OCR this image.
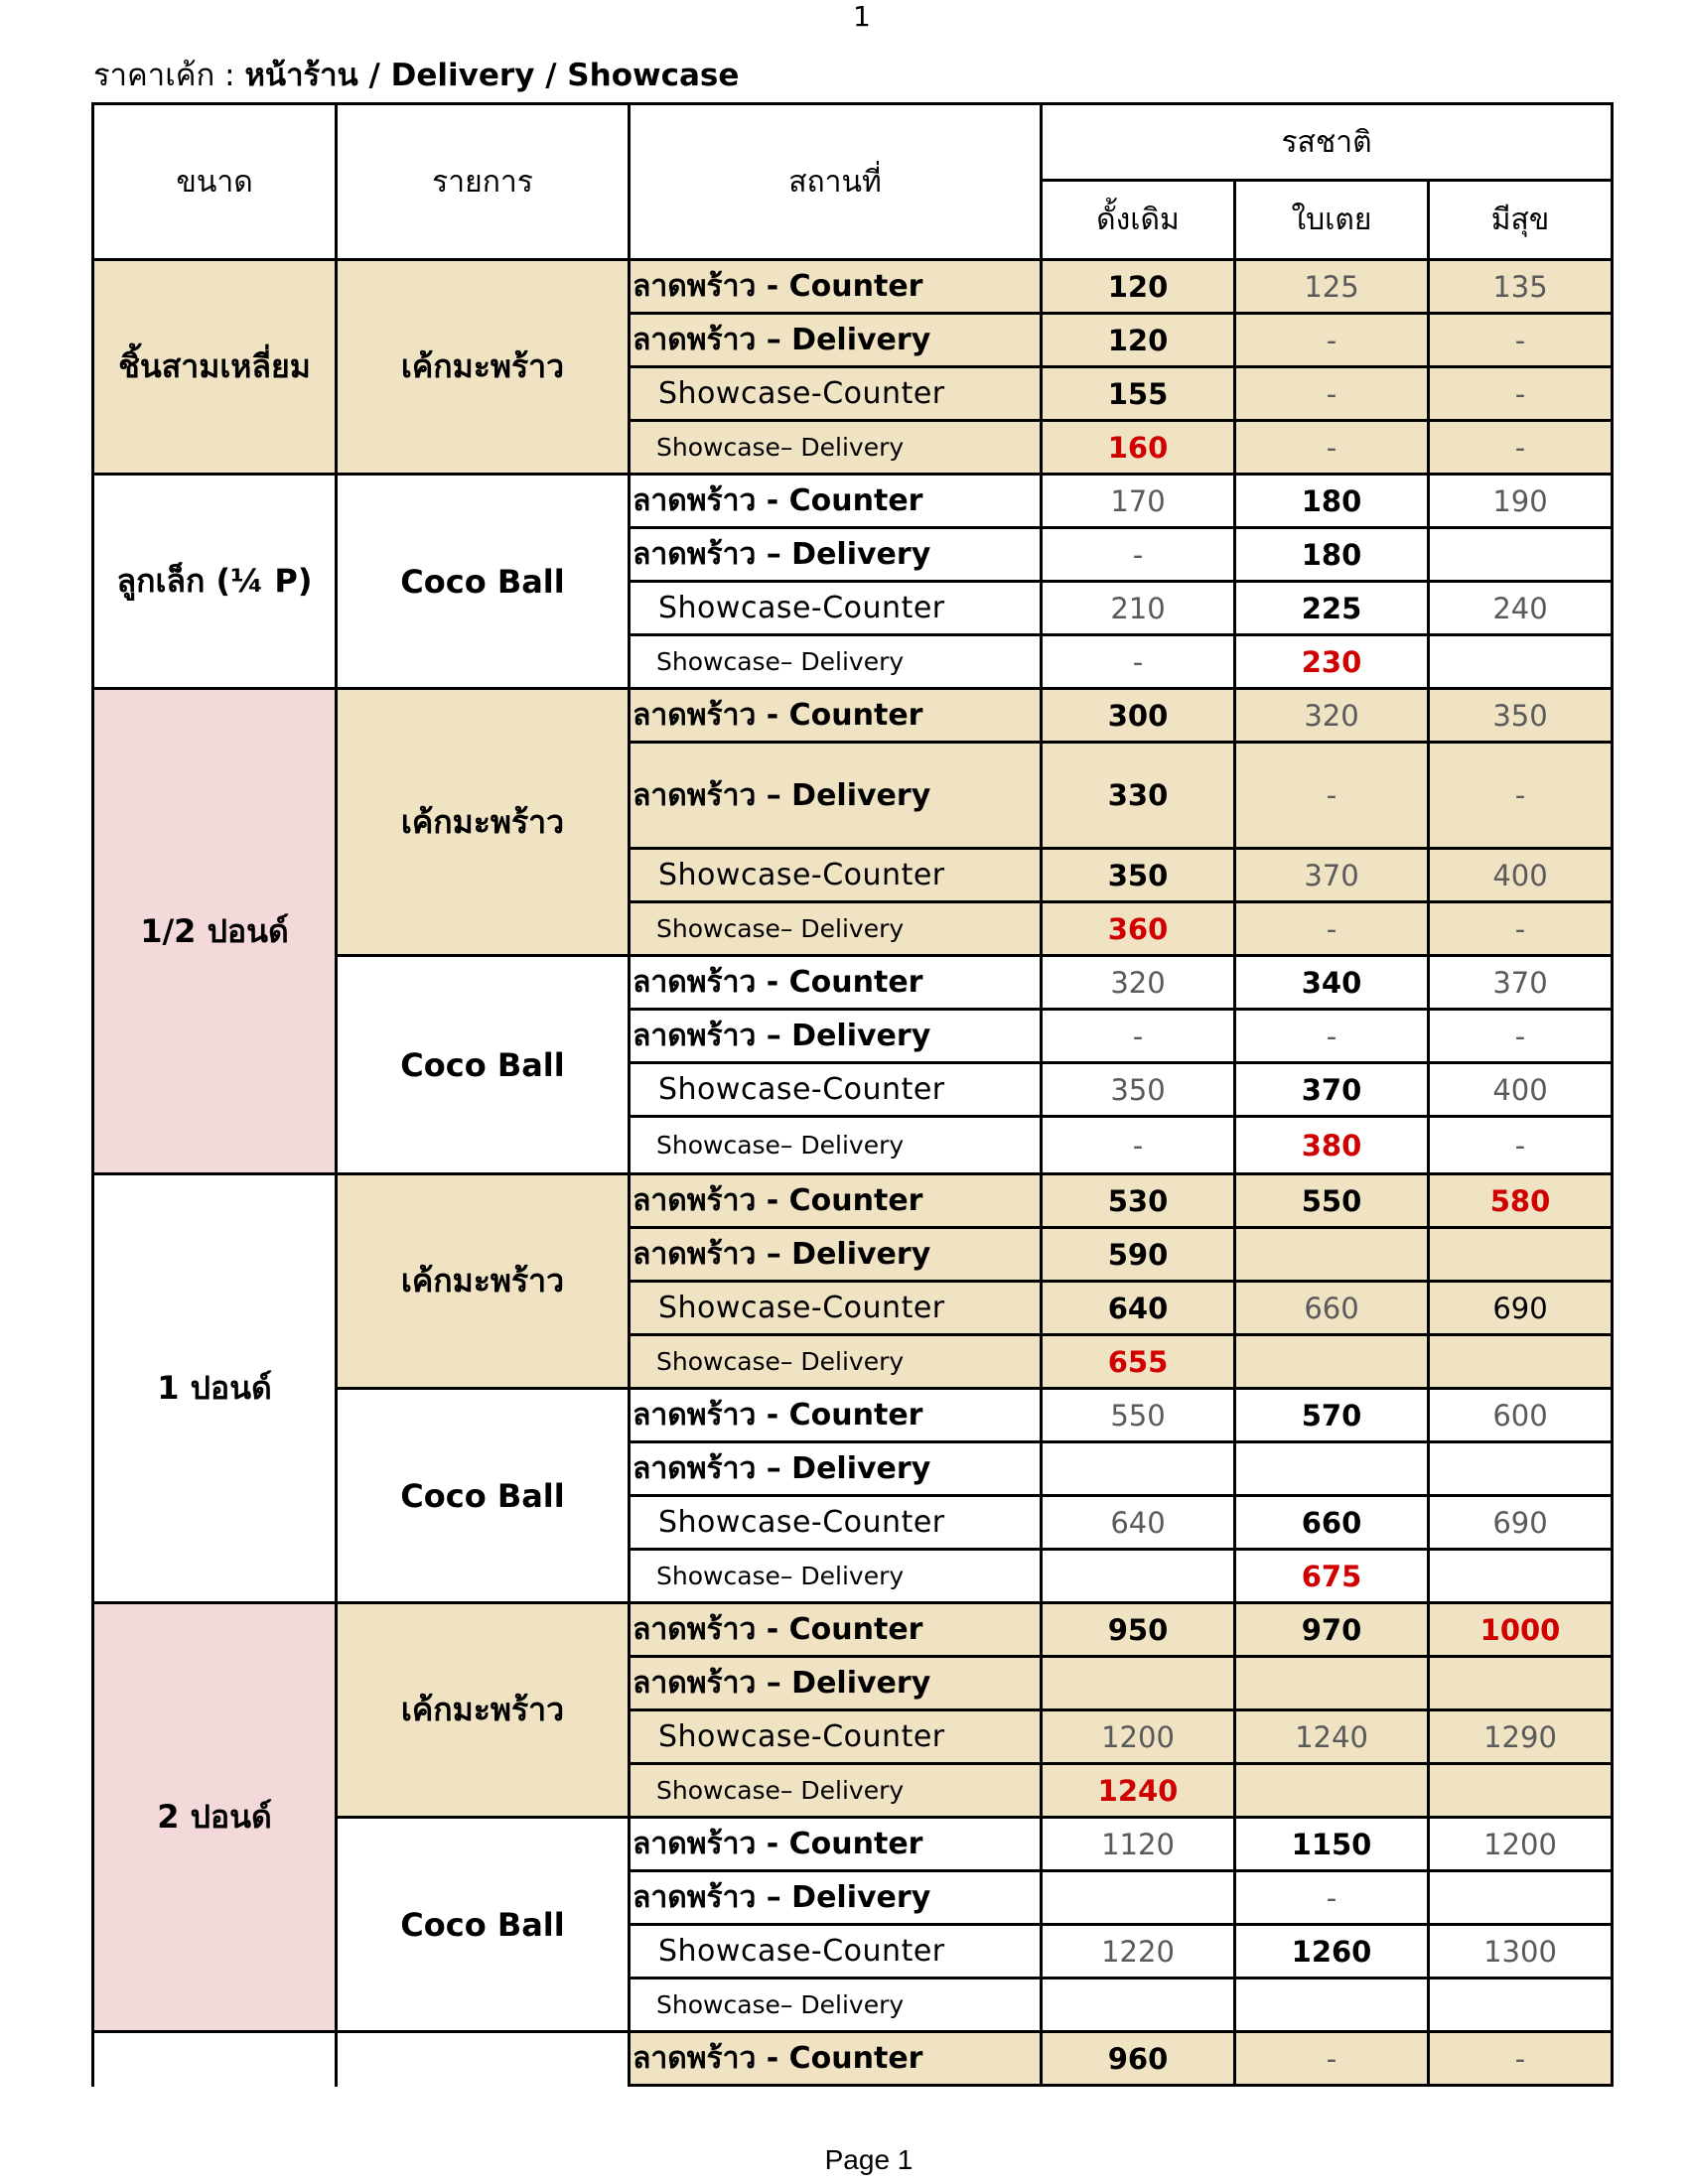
1
ราคาเค้ก : หน้าร้าน / Delivery / Showcase
ขนาด	รายการ	สถานที่	รสชาติ		
			ดั้งเดิม	ใบเตย	มีสุข
ชิ้นสามเหลี่ยม	เค้กมะพร้าว	ลาดพร้าว - Counter	120	125	135
		ลาดพร้าว – Delivery	120	-	-
		Showcase-Counter	155	-	-
		Showcase– Delivery	160	-	-
ลูกเล็ก (¼ P)	Coco Ball	ลาดพร้าว - Counter	170	180	190
		ลาดพร้าว – Delivery	-	180	
		Showcase-Counter	210	225	240
		Showcase– Delivery	-	230	
1/2 ปอนด์	เค้กมะพร้าว	ลาดพร้าว - Counter	300	320	350
		ลาดพร้าว – Delivery	330	-	-
		Showcase-Counter	350	370	400
		Showcase– Delivery	360	-	-
	Coco Ball	ลาดพร้าว - Counter	320	340	370
		ลาดพร้าว – Delivery	-	-	-
		Showcase-Counter	350	370	400
		Showcase– Delivery	-	380	-
1 ปอนด์	เค้กมะพร้าว	ลาดพร้าว - Counter	530	550	580
		ลาดพร้าว – Delivery	590		
		Showcase-Counter	640	660	690
		Showcase– Delivery	655		
	Coco Ball	ลาดพร้าว - Counter	550	570	600
		ลาดพร้าว – Delivery			
		Showcase-Counter	640	660	690
		Showcase– Delivery		675	
2 ปอนด์	เค้กมะพร้าว	ลาดพร้าว - Counter	950	970	1000
		ลาดพร้าว – Delivery			
		Showcase-Counter	1200	1240	1290
		Showcase– Delivery	1240		
	Coco Ball	ลาดพร้าว - Counter	1120	1150	1200
		ลาดพร้าว – Delivery		-	
		Showcase-Counter	1220	1260	1300
		Showcase– Delivery			
		ลาดพร้าว - Counter	960	-	-

Page 1
